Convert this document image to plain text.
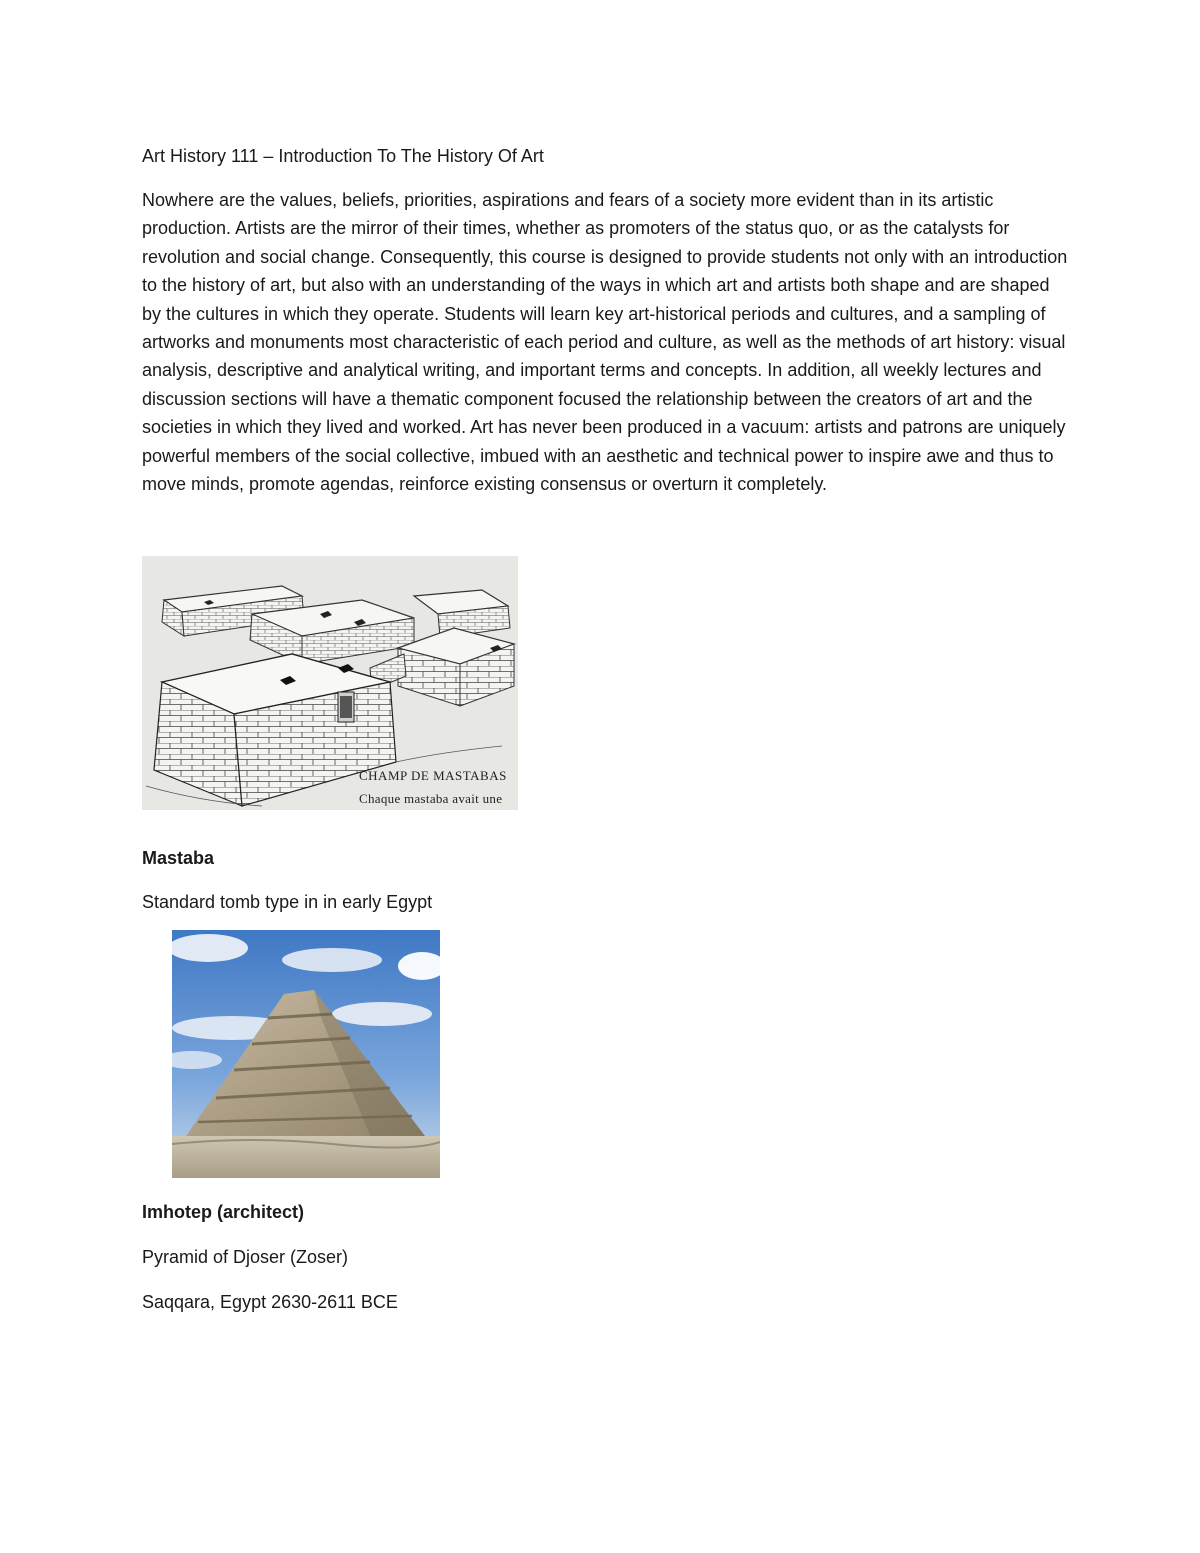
Art History 111 – Introduction To The History Of Art

Nowhere are the values, beliefs, priorities, aspirations and fears of a society more evident than in its artistic production. Artists are the mirror of their times, whether as promoters of the status quo, or as the catalysts for revolution and social change. Consequently, this course is designed to provide students not only with an introduction to the history of art, but also with an understanding of the ways in which art and artists both shape and are shaped by the cultures in which they operate. Students will learn key art-historical periods and cultures, and a sampling of artworks and monuments most characteristic of each period and culture, as well as the methods of art history: visual analysis, descriptive and analytical writing, and important terms and concepts. In addition, all weekly lectures and discussion sections will have a thematic component focused the relationship between the creators of art and the societies in which they lived and worked. Art has never been produced in a vacuum: artists and patrons are uniquely powerful members of the social collective, imbued with an aesthetic and technical power to inspire awe and thus to move minds, promote agendas, reinforce existing consensus or overturn it completely.

CHAMP DE MASTABAS
Chaque mastaba avait une
Mastaba
Standard tomb type in in early Egypt
Imhotep (architect)
Pyramid of Djoser (Zoser)
Saqqara, Egypt 2630-2611 BCE
